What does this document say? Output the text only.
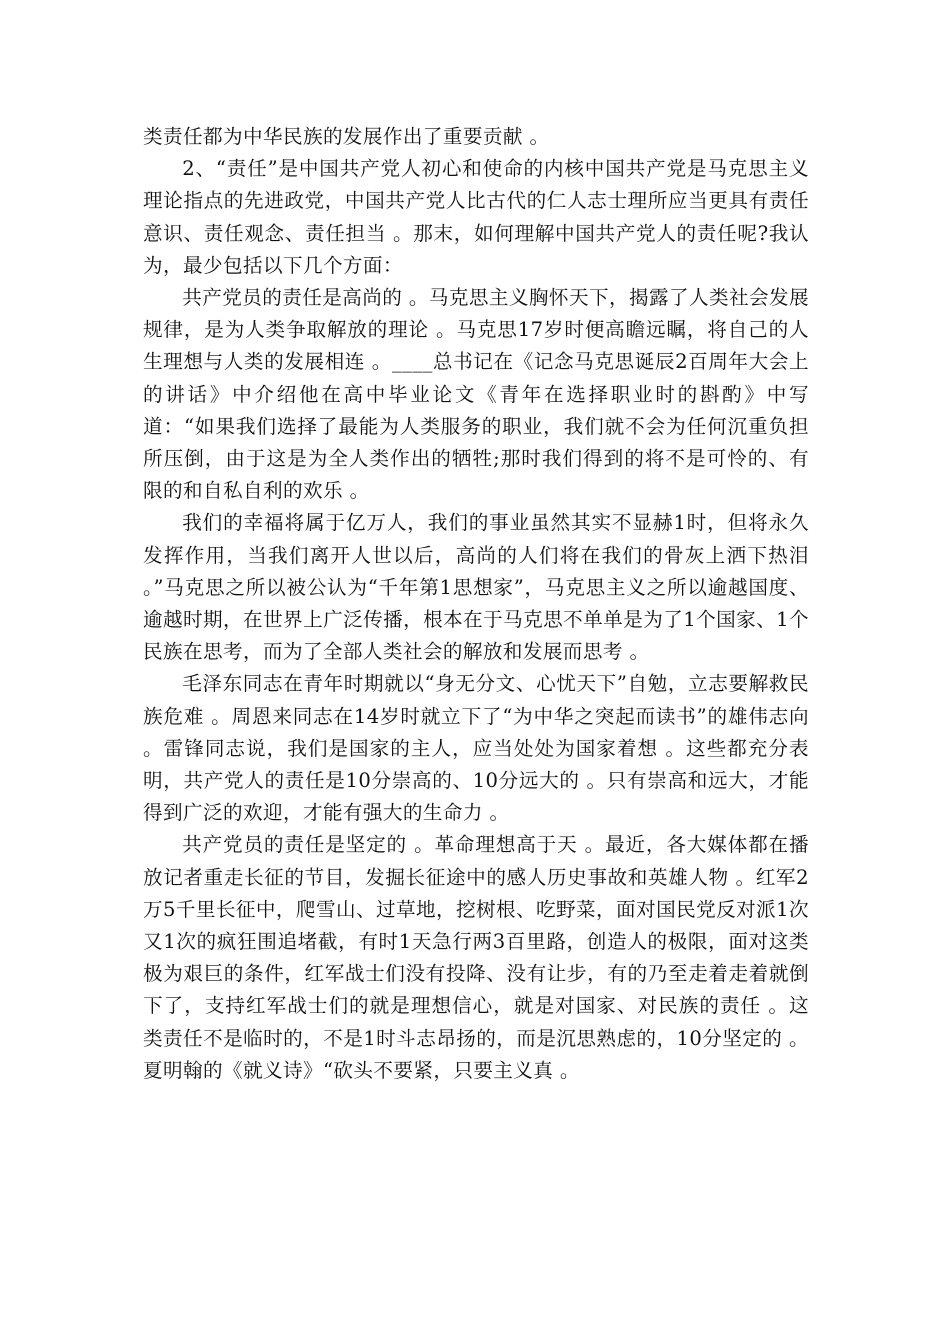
类责任都为中华民族的发展作出了重要贡献 。

2、“责任”是中国共产党人初心和使命的内核中国共产党是马克思主义理论指点的先进政党，中国共产党人比古代的仁人志士理所应当更具有责任意识、责任观念、责任担当 。那末，如何理解中国共产党人的责任呢?我认为，最少包括以下几个方面：

共产党员的责任是高尚的 。马克思主义胸怀天下，揭露了人类社会发展规律，是为人类争取解放的理论 。马克思17岁时便高瞻远瞩，将自己的人生理想与人类的发展相连 。____总书记在《记念马克思诞辰2百周年大会上的讲话》中介绍他在高中毕业论文《青年在选择职业时的斟酌》中写道：“如果我们选择了最能为人类服务的职业，我们就不会为任何沉重负担所压倒，由于这是为全人类作出的牺牲;那时我们得到的将不是可怜的、有限的和自私自利的欢乐 。

我们的幸福将属于亿万人，我们的事业虽然其实不显赫1时，但将永久发挥作用，当我们离开人世以后，高尚的人们将在我们的骨灰上洒下热泪 。”马克思之所以被公认为“千年第1思想家”，马克思主义之所以逾越国度、逾越时期，在世界上广泛传播，根本在于马克思不单单是为了1个国家、1个民族在思考，而为了全部人类社会的解放和发展而思考 。

毛泽东同志在青年时期就以“身无分文、心忧天下”自勉，立志要解救民族危难 。周恩来同志在14岁时就立下了“为中华之突起而读书”的雄伟志向 。雷锋同志说，我们是国家的主人，应当处处为国家着想 。这些都充分表明，共产党人的责任是10分崇高的、10分远大的 。只有崇高和远大，才能得到广泛的欢迎，才能有强大的生命力 。

共产党员的责任是坚定的 。革命理想高于天 。最近，各大媒体都在播放记者重走长征的节目，发掘长征途中的感人历史事故和英雄人物 。红军2万5千里长征中，爬雪山、过草地，挖树根、吃野菜，面对国民党反对派1次又1次的疯狂围追堵截，有时1天急行两3百里路，创造人的极限，面对这类极为艰巨的条件，红军战士们没有投降、没有让步，有的乃至走着走着就倒下了，支持红军战士们的就是理想信心，就是对国家、对民族的责任 。这类责任不是临时的，不是1时斗志昂扬的，而是沉思熟虑的，10分坚定的 。夏明翰的《就义诗》“砍头不要紧，只要主义真 。
